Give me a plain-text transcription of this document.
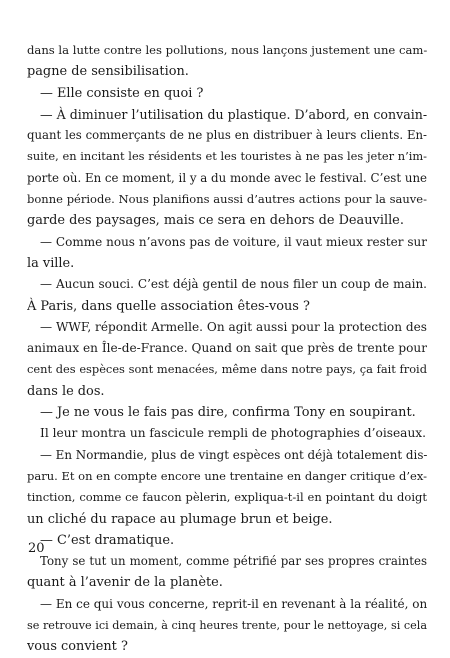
dans la lutte contre les pollutions, nous lançons justement une cam-
pagne de sensibilisation.
— Elle consiste en quoi ?
— À diminuer l’utilisation du plastique. D’abord, en convain-
quant les commerçants de ne plus en distribuer à leurs clients. En-
suite, en incitant les résidents et les touristes à ne pas les jeter n’im-
porte où. En ce moment, il y a du monde avec le festival. C’est une
bonne période. Nous planifions aussi d’autres actions pour la sauve-
garde des paysages, mais ce sera en dehors de Deauville.
— Comme nous n’avons pas de voiture, il vaut mieux rester sur
la ville.
— Aucun souci. C’est déjà gentil de nous filer un coup de main.
À Paris, dans quelle association êtes-vous ?
— WWF, répondit Armelle. On agit aussi pour la protection des
animaux en Île-de-France. Quand on sait que près de trente pour
cent des espèces sont menacées, même dans notre pays, ça fait froid
dans le dos.
— Je ne vous le fais pas dire, confirma Tony en soupirant.
Il leur montra un fascicule rempli de photographies d’oiseaux.
— En Normandie, plus de vingt espèces ont déjà totalement dis-
paru. Et on en compte encore une trentaine en danger critique d’ex-
tinction, comme ce faucon pèlerin, expliqua-t-il en pointant du doigt
un cliché du rapace au plumage brun et beige.
— C’est dramatique.
Tony se tut un moment, comme pétrifié par ses propres craintes
quant à l’avenir de la planète.
— En ce qui vous concerne, reprit-il en revenant à la réalité, on
se retrouve ici demain, à cinq heures trente, pour le nettoyage, si cela
vous convient ?
20
